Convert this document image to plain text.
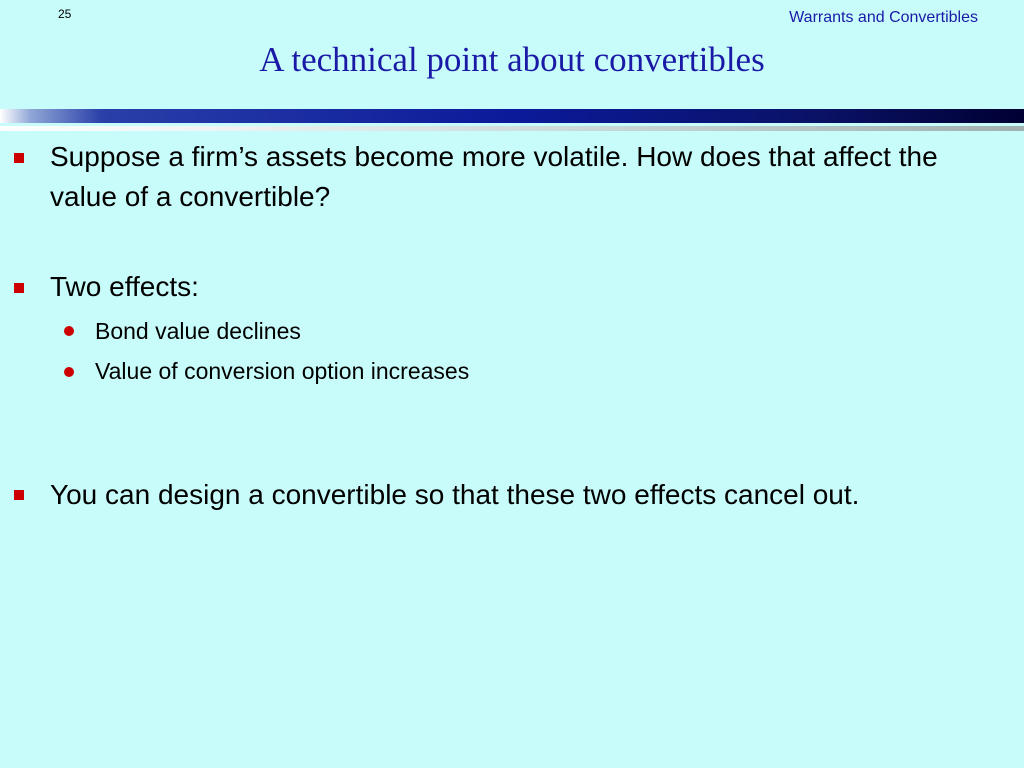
25	Warrants and Convertibles
A technical point about convertibles
Suppose a firm’s assets become more volatile. How does that affect the value of a convertible?
Two effects:
Bond value declines
Value of conversion option increases
You can design a convertible so that these two effects cancel out.
